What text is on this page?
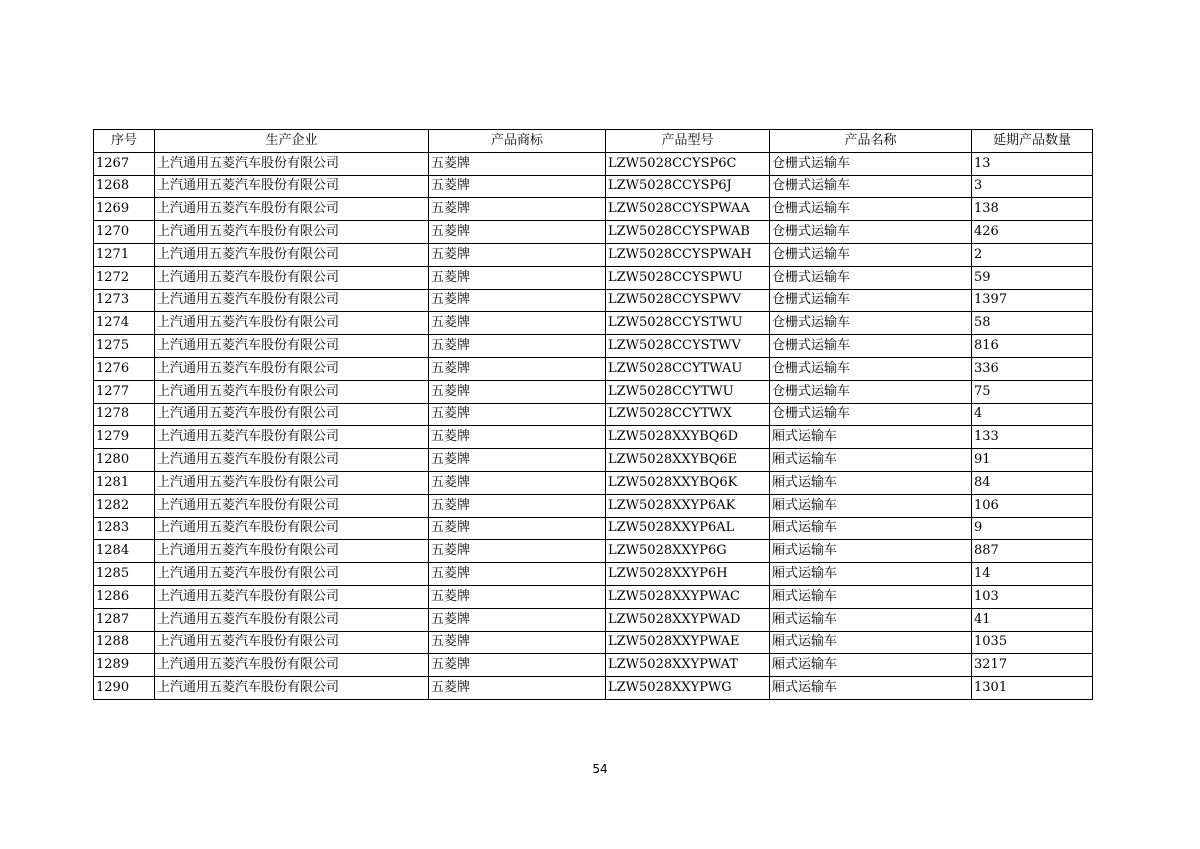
序号	生产企业	产品商标	产品型号	产品名称	延期产品数量
1267	上汽通用五菱汽车股份有限公司	五菱牌	LZW5028CCYSP6C	仓栅式运输车	13
1268	上汽通用五菱汽车股份有限公司	五菱牌	LZW5028CCYSP6J	仓栅式运输车	3
1269	上汽通用五菱汽车股份有限公司	五菱牌	LZW5028CCYSPWAA	仓栅式运输车	138
1270	上汽通用五菱汽车股份有限公司	五菱牌	LZW5028CCYSPWAB	仓栅式运输车	426
1271	上汽通用五菱汽车股份有限公司	五菱牌	LZW5028CCYSPWAH	仓栅式运输车	2
1272	上汽通用五菱汽车股份有限公司	五菱牌	LZW5028CCYSPWU	仓栅式运输车	59
1273	上汽通用五菱汽车股份有限公司	五菱牌	LZW5028CCYSPWV	仓栅式运输车	1397
1274	上汽通用五菱汽车股份有限公司	五菱牌	LZW5028CCYSTWU	仓栅式运输车	58
1275	上汽通用五菱汽车股份有限公司	五菱牌	LZW5028CCYSTWV	仓栅式运输车	816
1276	上汽通用五菱汽车股份有限公司	五菱牌	LZW5028CCYTWAU	仓栅式运输车	336
1277	上汽通用五菱汽车股份有限公司	五菱牌	LZW5028CCYTWU	仓栅式运输车	75
1278	上汽通用五菱汽车股份有限公司	五菱牌	LZW5028CCYTWX	仓栅式运输车	4
1279	上汽通用五菱汽车股份有限公司	五菱牌	LZW5028XXYBQ6D	厢式运输车	133
1280	上汽通用五菱汽车股份有限公司	五菱牌	LZW5028XXYBQ6E	厢式运输车	91
1281	上汽通用五菱汽车股份有限公司	五菱牌	LZW5028XXYBQ6K	厢式运输车	84
1282	上汽通用五菱汽车股份有限公司	五菱牌	LZW5028XXYP6AK	厢式运输车	106
1283	上汽通用五菱汽车股份有限公司	五菱牌	LZW5028XXYP6AL	厢式运输车	9
1284	上汽通用五菱汽车股份有限公司	五菱牌	LZW5028XXYP6G	厢式运输车	887
1285	上汽通用五菱汽车股份有限公司	五菱牌	LZW5028XXYP6H	厢式运输车	14
1286	上汽通用五菱汽车股份有限公司	五菱牌	LZW5028XXYPWAC	厢式运输车	103
1287	上汽通用五菱汽车股份有限公司	五菱牌	LZW5028XXYPWAD	厢式运输车	41
1288	上汽通用五菱汽车股份有限公司	五菱牌	LZW5028XXYPWAE	厢式运输车	1035
1289	上汽通用五菱汽车股份有限公司	五菱牌	LZW5028XXYPWAT	厢式运输车	3217
1290	上汽通用五菱汽车股份有限公司	五菱牌	LZW5028XXYPWG	厢式运输车	1301
54
